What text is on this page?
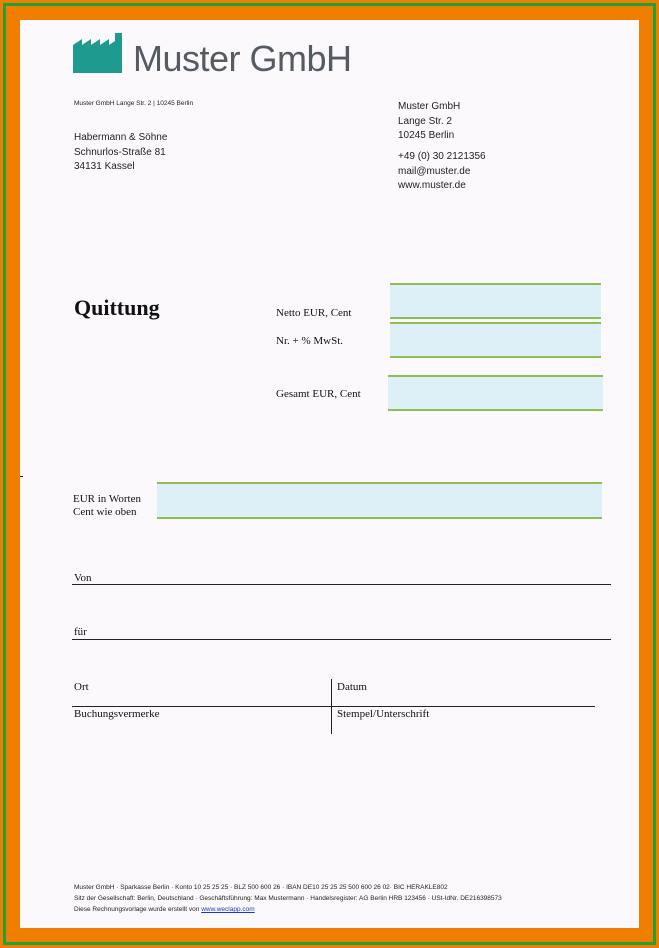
Muster GmbH
Muster GmbH Lange Str. 2 | 10245 Berlin
Habermann & Söhne
Schnurlos-Straße 81
34131 Kassel
Muster GmbH
Lange Str. 2
10245 Berlin
+49 (0) 30 2121356
mail@muster.de
www.muster.de
Quittung	Netto EUR, Cent
Nr. + % MwSt.
Gesamt EUR, Cent
EUR in Worten
Cent wie oben
Von
für
Ort	Datum
Buchungsvermerke	Stempel/Unterschrift
Muster GmbH · Sparkasse Berlin · Konto 10 25 25 25 · BLZ 500 600 26 · IBAN DE10 25 25 25 500 600 26 02· BIC HERAKLE802
Sitz der Gesellschaft: Berlin, Deutschland · Geschäftsführung: Max Mustermann · Handelsregister: AG Berlin HRB 123456 · USt-IdNr. DE216398573
Diese Rechnungsvorlage wurde erstellt von www.weclapp.com
